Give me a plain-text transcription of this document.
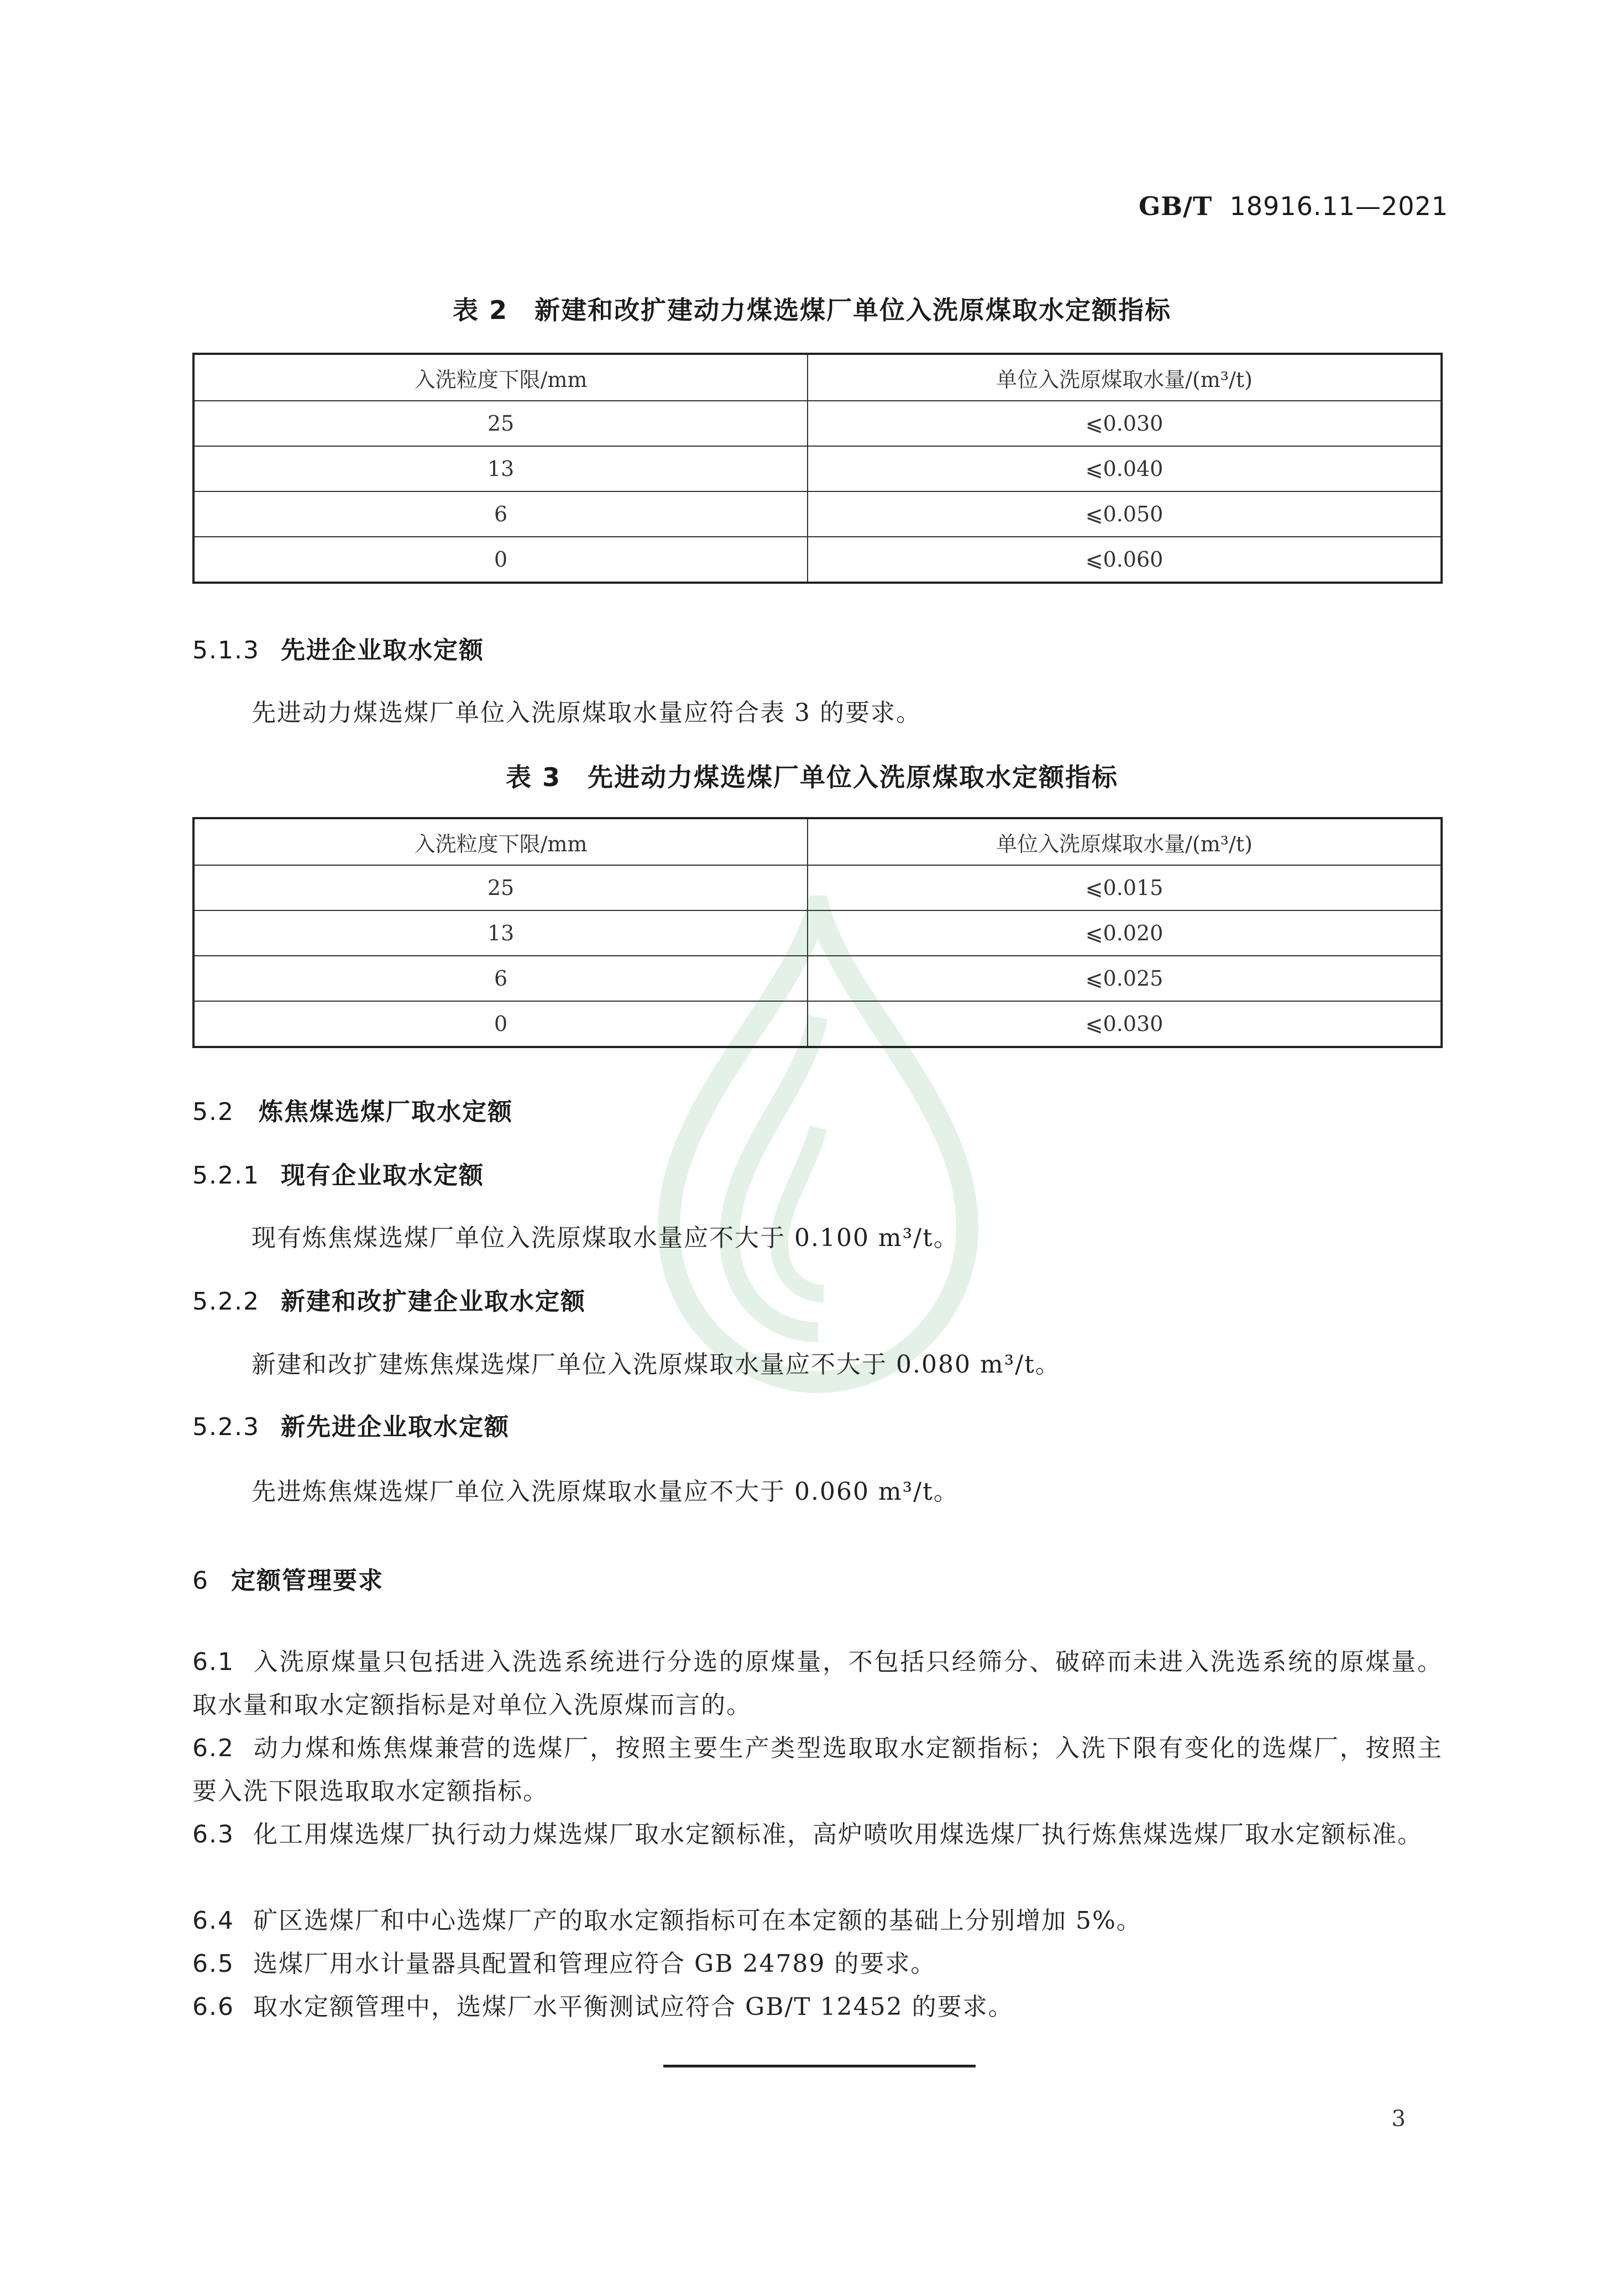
GB/T 18916.11—2021
表 2　新建和改扩建动力煤选煤厂单位入洗原煤取水定额指标
入洗粒度下限/mm	单位入洗原煤取水量/(m³/t)
25	⩽0.030
13	⩽0.040
6	⩽0.050
0	⩽0.060
5.1.3 先进企业取水定额
先进动力煤选煤厂单位入洗原煤取水量应符合表 3 的要求。
表 3　先进动力煤选煤厂单位入洗原煤取水定额指标
入洗粒度下限/mm	单位入洗原煤取水量/(m³/t)
25	⩽0.015
13	⩽0.020
6	⩽0.025
0	⩽0.030
5.2 炼焦煤选煤厂取水定额
5.2.1 现有企业取水定额
现有炼焦煤选煤厂单位入洗原煤取水量应不大于 0.100 m³/t。
5.2.2 新建和改扩建企业取水定额
新建和改扩建炼焦煤选煤厂单位入洗原煤取水量应不大于 0.080 m³/t。
5.2.3 新先进企业取水定额
先进炼焦煤选煤厂单位入洗原煤取水量应不大于 0.060 m³/t。
6 定额管理要求
6.1 入洗原煤量只包括进入洗选系统进行分选的原煤量，不包括只经筛分、破碎而未进入洗选系统的原煤量。取水量和取水定额指标是对单位入洗原煤而言的。
6.2 动力煤和炼焦煤兼营的选煤厂，按照主要生产类型选取取水定额指标；入洗下限有变化的选煤厂，按照主要入洗下限选取取水定额指标。
6.3 化工用煤选煤厂执行动力煤选煤厂取水定额标准，高炉喷吹用煤选煤厂执行炼焦煤选煤厂取水定额标准。
6.4 矿区选煤厂和中心选煤厂产的取水定额指标可在本定额的基础上分别增加 5%。
6.5 选煤厂用水计量器具配置和管理应符合 GB 24789 的要求。
6.6 取水定额管理中，选煤厂水平衡测试应符合 GB/T 12452 的要求。
3
